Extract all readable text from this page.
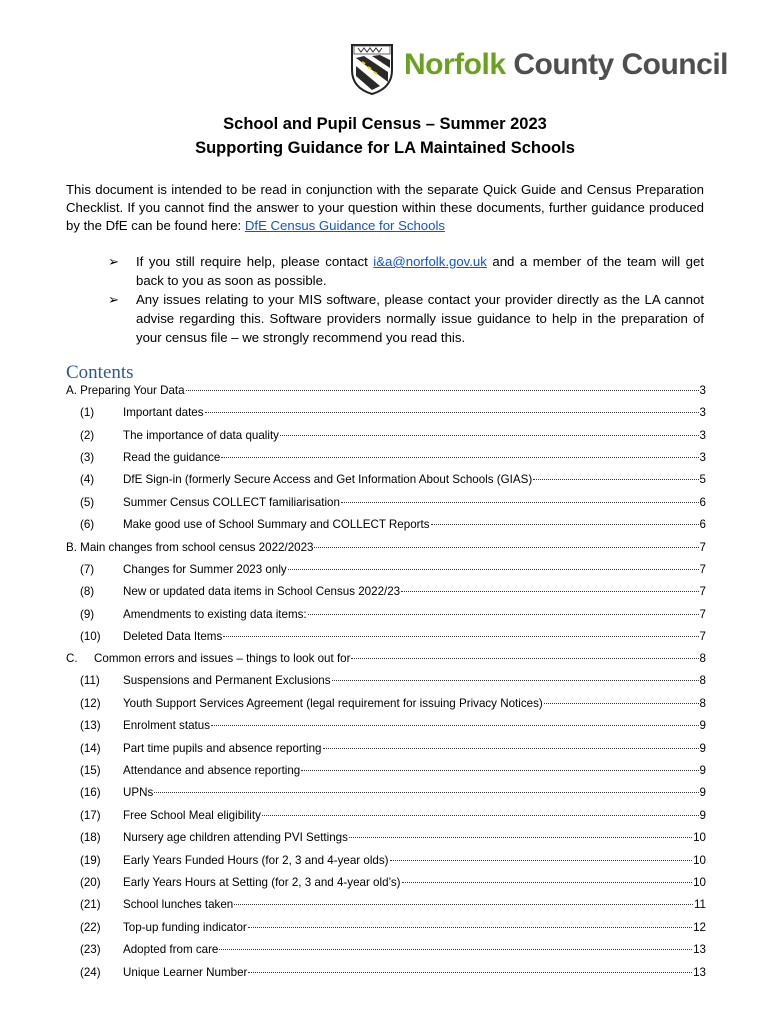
Norfolk County Council
School and Pupil Census – Summer 2023
Supporting Guidance for LA Maintained Schools
This document is intended to be read in conjunction with the separate Quick Guide and Census Preparation Checklist. If you cannot find the answer to your question within these documents, further guidance produced by the DfE can be found here: DfE Census Guidance for Schools
➢ If you still require help, please contact i&a@norfolk.gov.uk and a member of the team will get back to you as soon as possible.
➢ Any issues relating to your MIS software, please contact your provider directly as the LA cannot advise regarding this. Software providers normally issue guidance to help in the preparation of your census file – we strongly recommend you read this.
Contents
A. Preparing Your Data	3
(1)	Important dates	3
(2)	The importance of data quality	3
(3)	Read the guidance	3
(4)	DfE Sign-in (formerly Secure Access and Get Information About Schools (GIAS)	5
(5)	Summer Census COLLECT familiarisation	6
(6)	Make good use of School Summary and COLLECT Reports	6
B. Main changes from school census 2022/2023	7
(7)	Changes for Summer 2023 only	7
(8)	New or updated data items in School Census 2022/23	7
(9)	Amendments to existing data items:	7
(10)	Deleted Data Items	7
C.	Common errors and issues – things to look out for	8
(11)	Suspensions and Permanent Exclusions	8
(12)	Youth Support Services Agreement (legal requirement for issuing Privacy Notices)	8
(13)	Enrolment status	9
(14)	Part time pupils and absence reporting	9
(15)	Attendance and absence reporting	9
(16)	UPNs	9
(17)	Free School Meal eligibility	9
(18)	Nursery age children attending PVI Settings	10
(19)	Early Years Funded Hours (for 2, 3 and 4-year olds)	10
(20)	Early Years Hours at Setting (for 2, 3 and 4-year old’s)	10
(21)	School lunches taken	11
(22)	Top-up funding indicator	12
(23)	Adopted from care	13
(24)	Unique Learner Number	13
